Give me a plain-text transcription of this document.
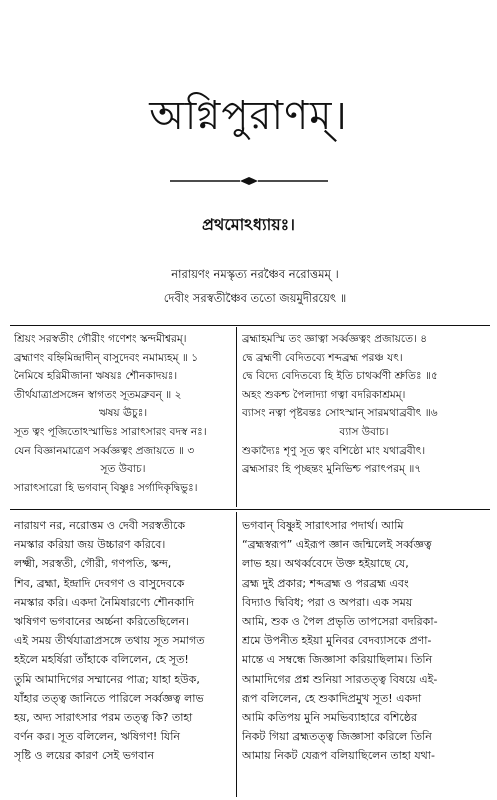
অগ্নিপুরাণম্।
প্রথমোঽধ্যায়ঃ।
নারায়ণং নমস্কৃত্য নরঞ্চৈব নরোত্তমম্ ।
দেবীং সরস্বতীঞ্চৈব ততো জয়মুদীরয়েৎ ॥
শ্রিয়ং সরস্বতীং গৌরীং গণেশং স্কন্দমীশ্বরম্।
ব্রহ্মাণং বহ্নিমিন্দ্রাদীন্ বাসুদেবং নমাম্যহম্ ॥ ১
নৈমিষে হরিমীজানা ঋষয়ঃ শৌনকাদয়ঃ।
তীর্থযাত্রাপ্রসঙ্গেন স্বাগতং সূতমব্রুবন্ ॥ ২
ঋষয় ঊচুঃ।
সূত ত্বং পূজিতোঽস্মাভিঃ সারাৎসারং বদস্ব নঃ।
যেন বিজ্ঞানমাত্রেণ সর্ব্বজ্ঞত্বং প্রজায়তে ॥ ৩
সূত উবাচ।
সারাৎসারো হি ভগবান্ বিষ্ণুঃ সর্গাদিকৃদ্বিভুঃ।
ব্রহ্মাহমস্মি তং জ্ঞাত্বা সর্ব্বজ্ঞত্বং প্রজায়তে। ৪
দ্বে ব্রহ্মণী বেদিতব্যে শব্দব্রহ্ম পরঞ্চ যৎ।
দ্বে বিদ্যে বেদিতব্যে হি ইতি চাথর্ব্বণী শ্রুতিঃ ॥৫
অহং শুকশ্চ পৈলাদ্যা গত্বা বদরিকাশ্রমম্।
ব্যাসং নত্বা পৃষ্টবন্তঃ সোঽস্মান্ সারমথাব্রবীৎ ॥৬
ব্যাস উবাচ।
শুকাদ্যৈঃ শৃণু সূত ত্বং বশিষ্ঠো মাং যথাব্রবীৎ।
ব্রহ্মসারং হি পৃচ্ছন্তং মুনিভিশ্চ পরাৎপরম্ ॥৭
নারায়ণ নর, নরোত্তম ও দেবী সরস্বতীকে
নমস্কার করিয়া জয় উচ্চারণ করিবে।
লক্ষ্মী, সরস্বতী, গৌরী, গণপতি, স্কন্দ,
শিব, ব্রহ্মা, ইন্দ্রাদি দেবগণ ও বাসুদেবকে
নমস্কার করি। একদা নৈমিষারণ্যে শৌনকাদি
ঋষিগণ ভগবানের অর্চ্চনা করিতেছিলেন।
এই সময় তীর্থযাত্রাপ্রসঙ্গে তথায় সূত সমাগত
হইলে মহর্ষিরা তাঁহাকে বলিলেন, হে সূত!
তুমি আমাদিগের সম্মানের পাত্র; যাহা হউক,
যাঁহার তত্ত্ব জানিতে পারিলে সর্ব্বজ্ঞত্ব লাভ
হয়, অদ্য সারাৎসার পরম তত্ত্ব কি? তাহা
বর্ণন কর। সূত বলিলেন, ঋষিগণ! যিনি
সৃষ্টি ও লয়ের কারণ সেই ভগবান
ভগবান্ বিষ্ণুই সারাৎসার পদার্থ। আমি
“ব্রহ্মস্বরূপ” এইরূপ জ্ঞান জন্মিলেই সর্ব্বজ্ঞত্ব
লাভ হয়। অথর্ব্ববেদে উক্ত হইয়াছে যে,
ব্রহ্ম দুই প্রকার; শব্দব্রহ্ম ও পরব্রহ্ম এবং
বিদ্যাও দ্বিবিধ; পরা ও অপরা। এক সময়
আমি, শুক ও পৈল প্রভৃতি তাপসেরা বদরিকা-
শ্রমে উপনীত হইয়া মুনিবর বেদব্যাসকে প্রণা-
মান্তে এ সম্বন্ধে জিজ্ঞাসা করিয়াছিলাম। তিনি
আমাদিগের প্রশ্ন শুনিয়া সারতত্ত্ব বিষয়ে এই-
রূপ বলিলেন, হে শুকাদিপ্রমুখ সূত! একদা
আমি কতিপয় মুনি সমভিব্যাহারে বশিষ্ঠের
নিকট গিয়া ব্রহ্মতত্ত্ব জিজ্ঞাসা করিলে তিনি
আমায় নিকট যেরূপ বলিয়াছিলেন তাহা যথা-
